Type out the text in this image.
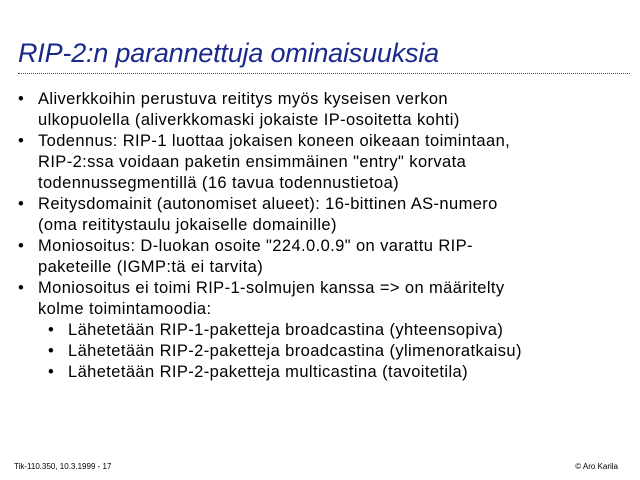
RIP-2:n parannettuja ominaisuuksia
• Aliverkkoihin perustuva reititys myös kyseisen verkon
ulkopuolella (aliverkkomaski jokaiste IP-osoitetta kohti)
• Todennus: RIP-1 luottaa jokaisen koneen oikeaan toimintaan,
RIP-2:ssa voidaan paketin ensimmäinen "entry" korvata
todennussegmentillä (16 tavua todennustietoa)
• Reitysdomainit (autonomiset alueet): 16-bittinen AS-numero
(oma reititystaulu jokaiselle domainille)
• Moniosoitus: D-luokan osoite "224.0.0.9" on varattu RIP-
paketeille (IGMP:tä ei tarvita)
• Moniosoitus ei toimi RIP-1-solmujen kanssa => on määritelty
kolme toimintamoodia:
• Lähetetään RIP-1-paketteja broadcastina (yhteensopiva)
• Lähetetään RIP-2-paketteja broadcastina (ylimenoratkaisu)
• Lähetetään RIP-2-paketteja multicastina (tavoitetila)
Tik-110.350, 10.3.1999 - 17	© Aro Karila
